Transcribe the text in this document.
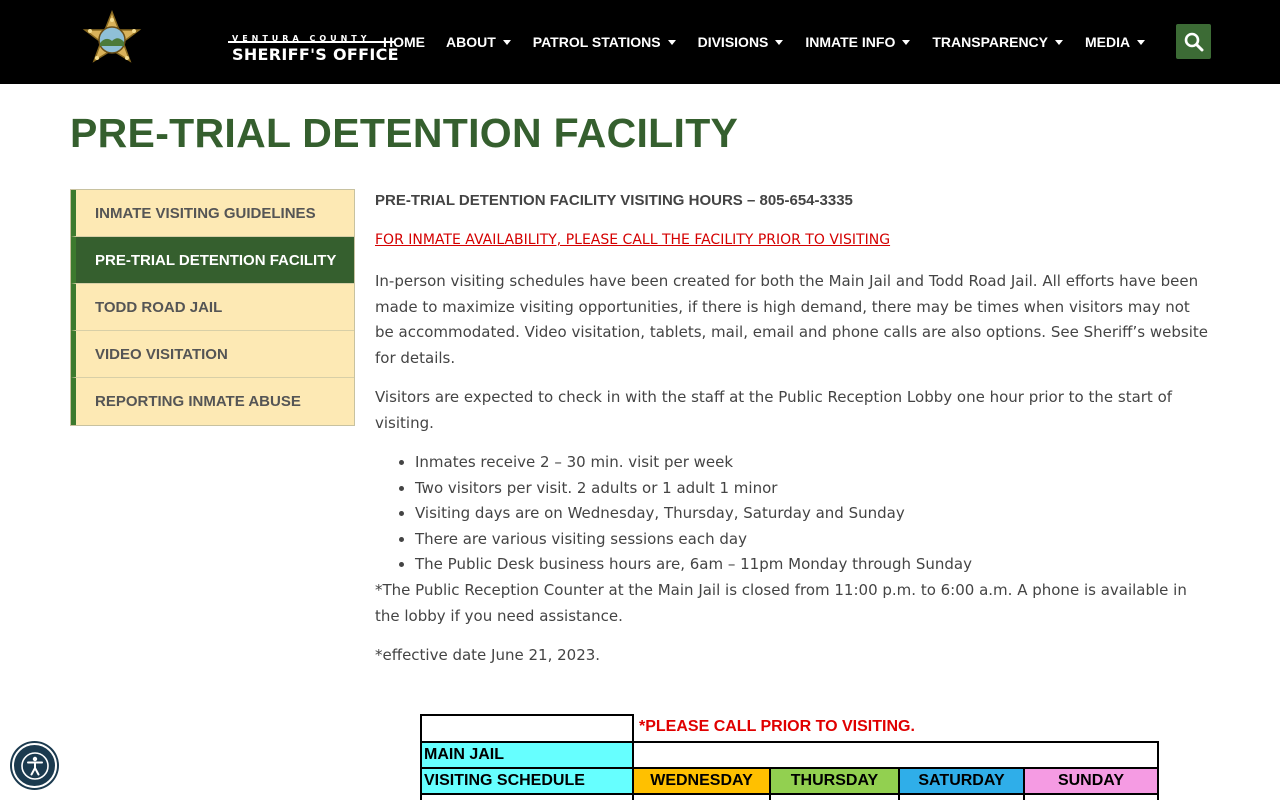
VENTURA COUNTY
SHERIFF'S OFFICE
HOME ABOUT	PATROL STATIONS	DIVISIONS	INMATE INFO	TRANSPARENCY	MEDIA
PRE-TRIAL DETENTION FACILITY
INMATE VISITING GUIDELINES
PRE-TRIAL DETENTION FACILITY
TODD ROAD JAIL
VIDEO VISITATION
REPORTING INMATE ABUSE
PRE-TRIAL DETENTION FACILITY VISITING HOURS – 805-654-3335
FOR INMATE AVAILABILITY, PLEASE CALL THE FACILITY PRIOR TO VISITING

In-person visiting schedules have been created for both the Main Jail and Todd Road Jail. All efforts have been made to maximize visiting opportunities, if there is high demand, there may be times when visitors may not be accommodated. Video visitation, tablets, mail, email and phone calls are also options. See Sheriff’s website for details.

Visitors are expected to check in with the staff at the Public Reception Lobby one hour prior to the start of visiting.

• Inmates receive 2 – 30 min. visit per week
• Two visitors per visit. 2 adults or 1 adult 1 minor
• Visiting days are on Wednesday, Thursday, Saturday and Sunday
• There are various visiting sessions each day
• The Public Desk business hours are, 6am – 11pm Monday through Sunday

*The Public Reception Counter at the Main Jail is closed from 11:00 p.m. to 6:00 a.m. A phone is available in the lobby if you need assistance.

*effective date June 21, 2023.

*PLEASE CALL PRIOR TO VISITING.
MAIN JAIL
VISITING SCHEDULE	WEDNESDAY	THURSDAY	SATURDAY	SUNDAY
